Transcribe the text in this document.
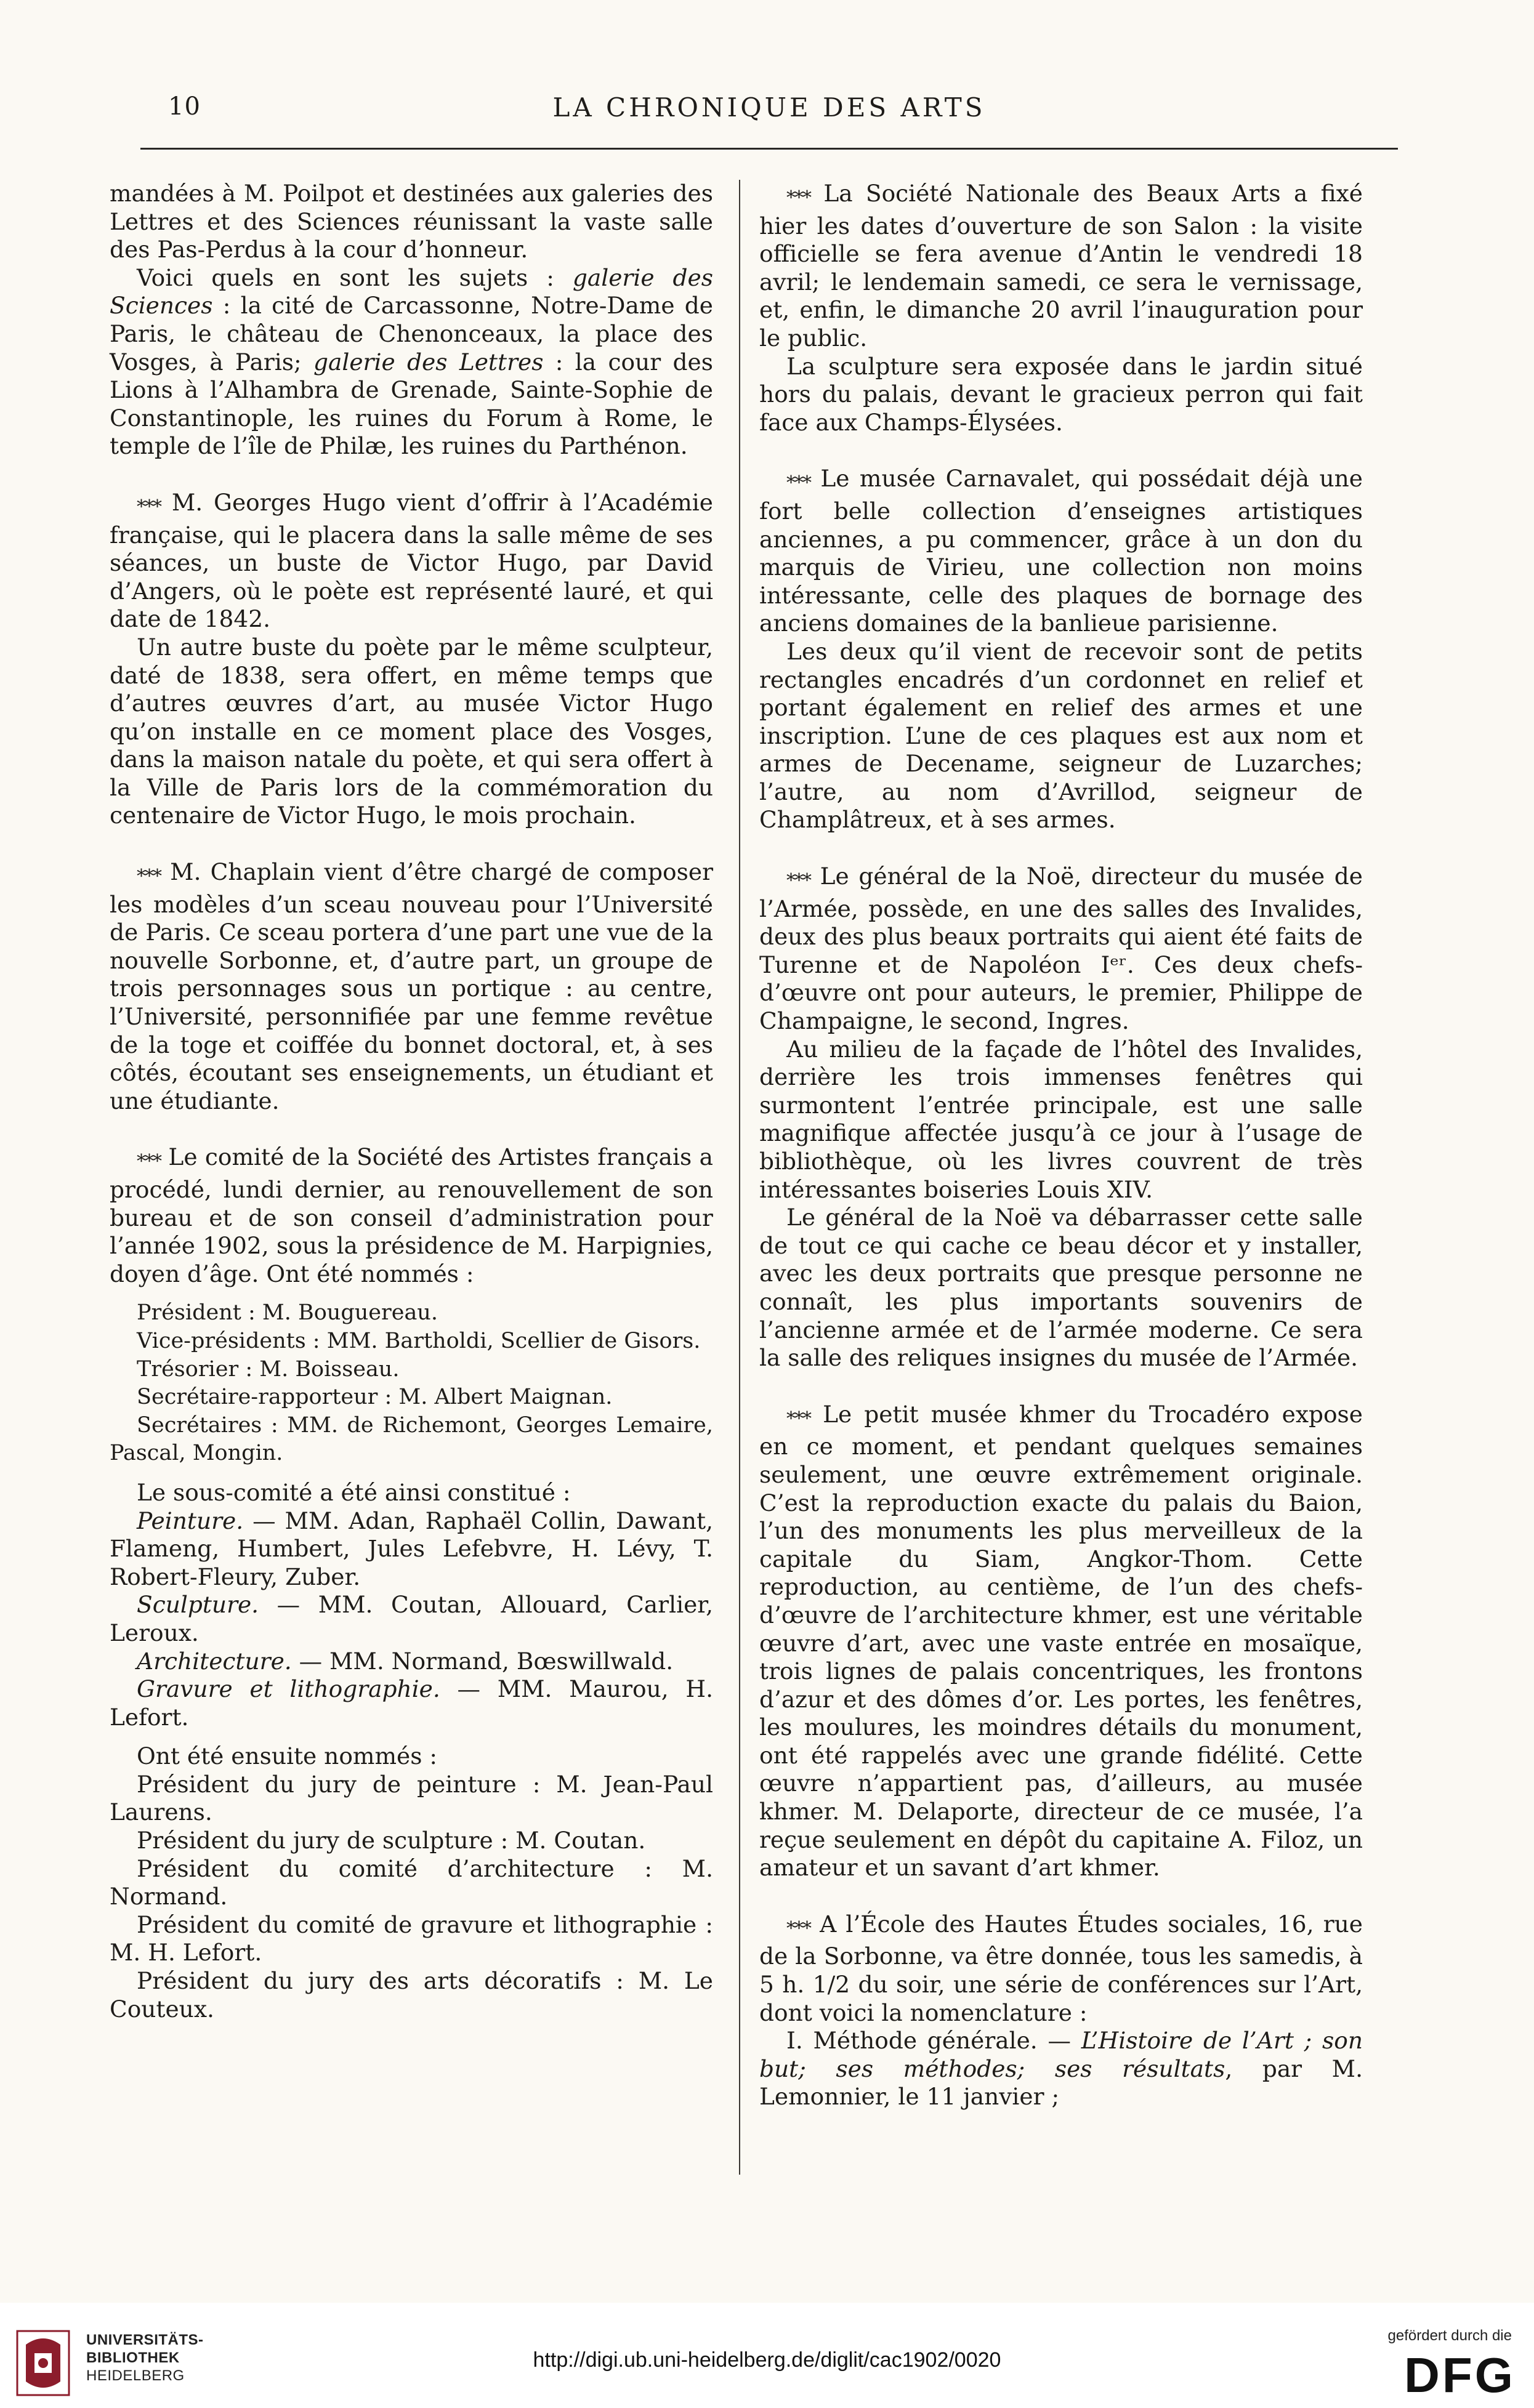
10	LA CHRONIQUE DES ARTS

mandées à M. Poilpot et destinées aux galeries des Lettres et des Sciences réunissant la vaste salle des Pas-Perdus à la cour d’honneur.

Voici quels en sont les sujets : galerie des Sciences : la cité de Carcassonne, Notre-Dame de Paris, le château de Chenonceaux, la place des Vosges, à Paris; galerie des Lettres : la cour des Lions à l’Alhambra de Grenade, Sainte-Sophie de Constantinople, les ruines du Forum à Rome, le temple de l’île de Philæ, les ruines du Parthénon.

*** M. Georges Hugo vient d’offrir à l’Académie française, qui le placera dans la salle même de ses séances, un buste de Victor Hugo, par David d’Angers, où le poète est représenté lauré, et qui date de 1842.

Un autre buste du poète par le même sculpteur, daté de 1838, sera offert, en même temps que d’autres œuvres d’art, au musée Victor Hugo qu’on installe en ce moment place des Vosges, dans la maison natale du poète, et qui sera offert à la Ville de Paris lors de la commémoration du centenaire de Victor Hugo, le mois prochain.

*** M. Chaplain vient d’être chargé de composer les modèles d’un sceau nouveau pour l’Université de Paris. Ce sceau portera d’une part une vue de la nouvelle Sorbonne, et, d’autre part, un groupe de trois personnages sous un portique : au centre, l’Université, personnifiée par une femme revêtue de la toge et coiffée du bonnet doctoral, et, à ses côtés, écoutant ses enseignements, un étudiant et une étudiante.

*** Le comité de la Société des Artistes français a procédé, lundi dernier, au renouvellement de son bureau et de son conseil d’administration pour l’année 1902, sous la présidence de M. Harpignies, doyen d’âge. Ont été nommés :

Président : M. Bouguereau.

Vice-présidents : MM. Bartholdi, Scellier de Gisors.

Trésorier : M. Boisseau.

Secrétaire-rapporteur : M. Albert Maignan.

Secrétaires : MM. de Richemont, Georges Lemaire, Pascal, Mongin.

Le sous-comité a été ainsi constitué :

Peinture. — MM. Adan, Raphaël Collin, Dawant, Flameng, Humbert, Jules Lefebvre, H. Lévy, T. Robert-Fleury, Zuber.

Sculpture. — MM. Coutan, Allouard, Carlier, Leroux.

Architecture. — MM. Normand, Bœswillwald.

Gravure et lithographie. — MM. Maurou, H. Lefort.

Ont été ensuite nommés :

Président du jury de peinture : M. Jean-Paul Laurens.

Président du jury de sculpture : M. Coutan.

Président du comité d’architecture : M. Normand.

Président du comité de gravure et lithographie : M. H. Lefort.

Président du jury des arts décoratifs : M. Le Couteux.

*** La Société Nationale des Beaux Arts a fixé hier les dates d’ouverture de son Salon : la visite officielle se fera avenue d’Antin le vendredi 18 avril; le lendemain samedi, ce sera le vernissage, et, enfin, le dimanche 20 avril l’inauguration pour le public.

La sculpture sera exposée dans le jardin situé hors du palais, devant le gracieux perron qui fait face aux Champs-Élysées.

*** Le musée Carnavalet, qui possédait déjà une fort belle collection d’enseignes artistiques anciennes, a pu commencer, grâce à un don du marquis de Virieu, une collection non moins intéressante, celle des plaques de bornage des anciens domaines de la banlieue parisienne.

Les deux qu’il vient de recevoir sont de petits rectangles encadrés d’un cordonnet en relief et portant également en relief des armes et une inscription. L’une de ces plaques est aux nom et armes de Decename, seigneur de Luzarches; l’autre, au nom d’Avrillod, seigneur de Champlâtreux, et à ses armes.

*** Le général de la Noë, directeur du musée de l’Armée, possède, en une des salles des Invalides, deux des plus beaux portraits qui aient été faits de Turenne et de Napoléon Iᵉʳ. Ces deux chefs-d’œuvre ont pour auteurs, le premier, Philippe de Champaigne, le second, Ingres.

Au milieu de la façade de l’hôtel des Invalides, derrière les trois immenses fenêtres qui surmontent l’entrée principale, est une salle magnifique affectée jusqu’à ce jour à l’usage de bibliothèque, où les livres couvrent de très intéressantes boiseries Louis XIV.

Le général de la Noë va débarrasser cette salle de tout ce qui cache ce beau décor et y installer, avec les deux portraits que presque personne ne connaît, les plus importants souvenirs de l’ancienne armée et de l’armée moderne. Ce sera la salle des reliques insignes du musée de l’Armée.

*** Le petit musée khmer du Trocadéro expose en ce moment, et pendant quelques semaines seulement, une œuvre extrêmement originale. C’est la reproduction exacte du palais du Baion, l’un des monuments les plus merveilleux de la capitale du Siam, Angkor-Thom. Cette reproduction, au centième, de l’un des chefs-d’œuvre de l’architecture khmer, est une véritable œuvre d’art, avec une vaste entrée en mosaïque, trois lignes de palais concentriques, les frontons d’azur et des dômes d’or. Les portes, les fenêtres, les moulures, les moindres détails du monument, ont été rappelés avec une grande fidélité. Cette œuvre n’appartient pas, d’ailleurs, au musée khmer. M. Delaporte, directeur de ce musée, l’a reçue seulement en dépôt du capitaine A. Filoz, un amateur et un savant d’art khmer.

*** A l’École des Hautes Études sociales, 16, rue de la Sorbonne, va être donnée, tous les samedis, à 5 h. 1/2 du soir, une série de conférences sur l’Art, dont voici la nomenclature :

I. Méthode générale. — L’Histoire de l’Art ; son but; ses méthodes; ses résultats, par M. Lemonnier, le 11 janvier ;

UNIVERSITÄTS-
BIBLIOTHEK
HEIDELBERG
http://digi.ub.uni-heidelberg.de/diglit/cac1902/0020
gefördert durch die
DFG
